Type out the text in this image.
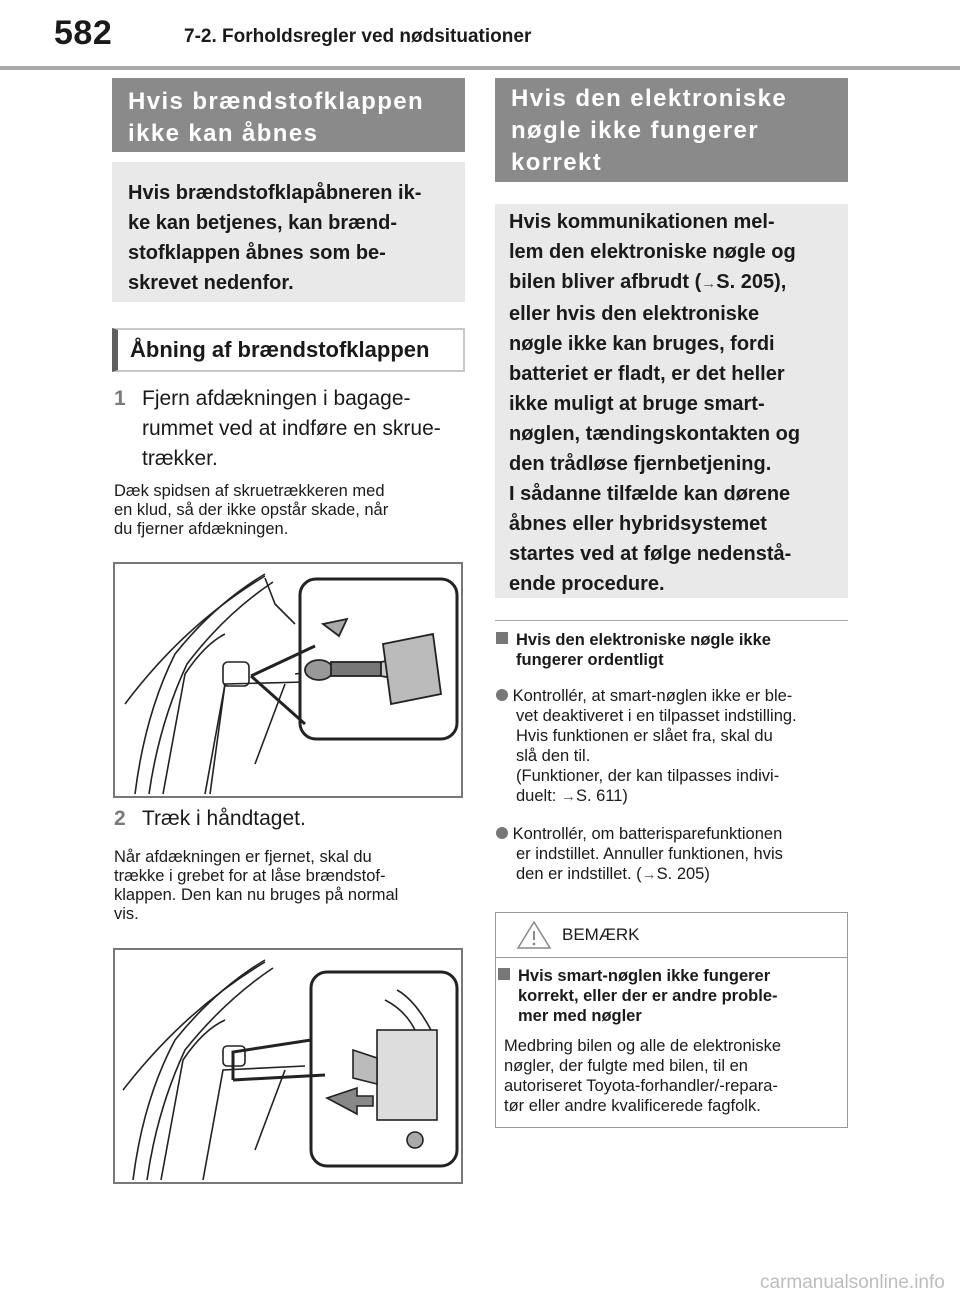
582	7-2. Forholdsregler ved nødsituationer
Hvis brændstofklappen
ikke kan åbnes
Hvis brændstofklapåbneren ik-
ke kan betjenes, kan brænd-
stofklappen åbnes som be-
skrevet nedenfor.
Åbning af brændstofklappen
1 Fjern afdækningen i bagage-
rummet ved at indføre en skrue-
trækker.
Dæk spidsen af skruetrækkeren med
en klud, så der ikke opstår skade, når
du fjerner afdækningen.
2 Træk i håndtaget.
Når afdækningen er fjernet, skal du
trække i grebet for at låse brændstof-
klappen. Den kan nu bruges på normal
vis.
Hvis den elektroniske
nøgle ikke fungerer
korrekt
Hvis kommunikationen mel-
lem den elektroniske nøgle og
bilen bliver afbrudt (→S. 205),
eller hvis den elektroniske
nøgle ikke kan bruges, fordi
batteriet er fladt, er det heller
ikke muligt at bruge smart-
nøglen, tændingskontakten og
den trådløse fjernbetjening.
I sådanne tilfælde kan dørene
åbnes eller hybridsystemet
startes ved at følge nedenstå-
ende procedure.
Hvis den elektroniske nøgle ikke
fungerer ordentligt
Kontrollér, at smart-nøglen ikke er ble-
vet deaktiveret i en tilpasset indstilling.
Hvis funktionen er slået fra, skal du
slå den til.
(Funktioner, der kan tilpasses indivi-
duelt: →S. 611)
Kontrollér, om batterisparefunktionen
er indstillet. Annuller funktionen, hvis
den er indstillet. (→S. 205)
BEMÆRK
Hvis smart-nøglen ikke fungerer
korrekt, eller der er andre proble-
mer med nøgler
Medbring bilen og alle de elektroniske
nøgler, der fulgte med bilen, til en
autoriseret Toyota-forhandler/-repara-
tør eller andre kvalificerede fagfolk.
carmanualsonline.info
